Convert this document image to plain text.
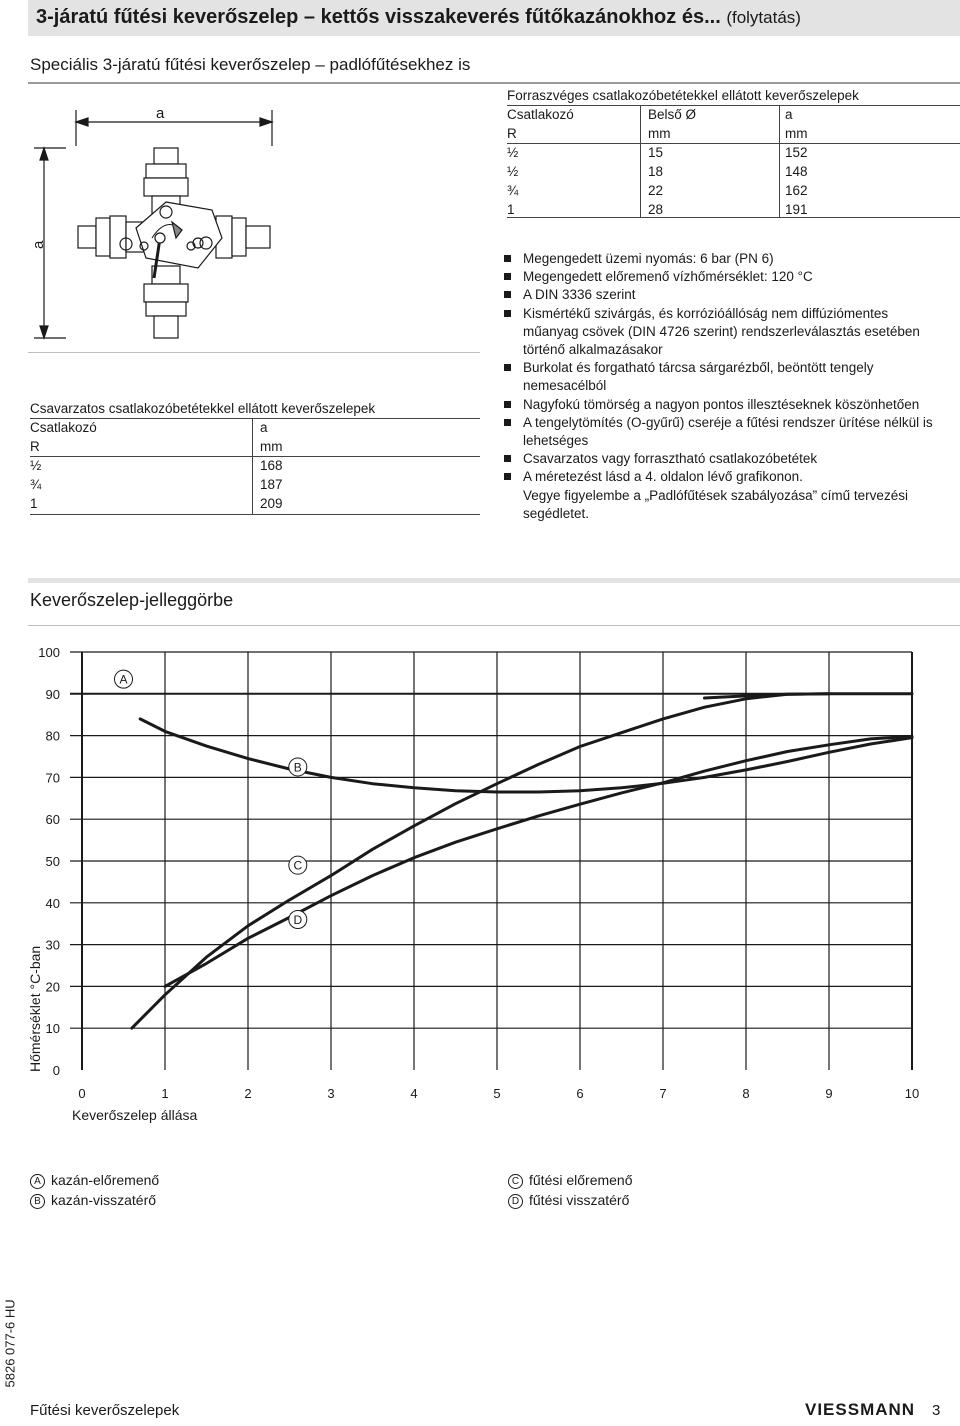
3-járatú fűtési keverőszelep – kettős visszakeverés fűtőkazánokhoz és... (folytatás)
Speciális 3-járatú fűtési keverőszelep – padlófűtésekhez is
a
a
Csavarzatos csatlakozóbetétekkel ellátott keverőszelepek
Csatlakozó	a
R	mm
½	168
¾	187
1	209
Forraszvéges csatlakozóbetétekkel ellátott keverőszelepek
Csatlakozó	Belső Ø	a
R	mm	mm
½	15	152
½	18	148
¾	22	162
1	28	191
Megengedett üzemi nyomás: 6 bar (PN 6)
Megengedett előremenő vízhőmérséklet: 120 °C
A DIN 3336 szerint
Kismértékű szivárgás, és korrózióállóság nem diffúziómentes műanyag csövek (DIN 4726 szerint) rendszerleválasztás esetében történő alkalmazásakor
Burkolat és forgatható tárcsa sárgarézből, beöntött tengely nemesacélból
Nagyfokú tömörség a nagyon pontos illesztéseknek köszönhetően
A tengelytömítés (O-gyűrű) cseréje a fűtési rendszer ürítése nélkül is lehetséges
Csavarzatos vagy forrasztható csatlakozóbetétek
A méretezést lásd a 4. oldalon lévő grafikonon.
Vegye figyelembe a „Padlófűtések szabályozása” című tervezési segédletet.
Keverőszelep-jelleggörbe
0
10
20
30
40
50
60
70
80
90
100
0	1	2	3	4	5	6	7	8	9	10
Keverőszelep állása
Hőmérséklet °C-ban
A
B
C
D
A kazán-előremenő
B kazán-visszatérő
C fűtési előremenő
D fűtési visszatérő
5826 077-6 HU
Fűtési keverőszelepek	VIESSMANN 3
